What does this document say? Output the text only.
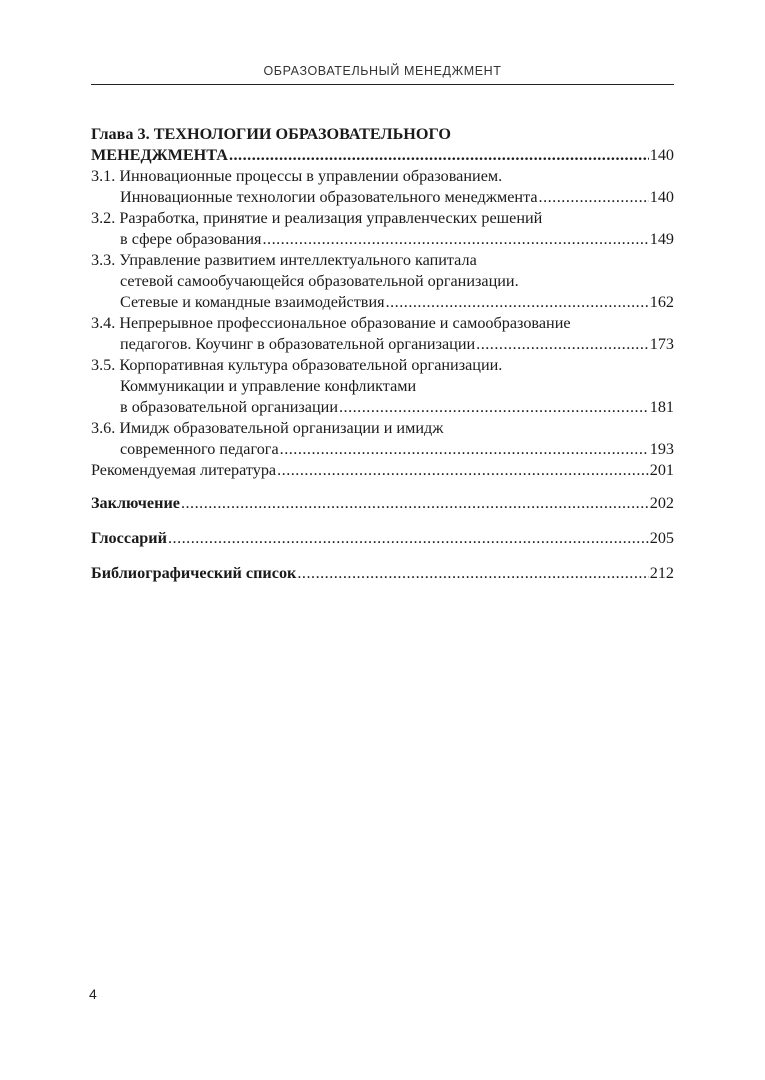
ОБРАЗОВАТЕЛЬНЫЙ МЕНЕДЖМЕНТ
Глава 3. ТЕХНОЛОГИИ ОБРАЗОВАТЕЛЬНОГО
МЕНЕДЖМЕНТА .....	140
3.1. Инновационные процессы в управлении образованием.
Инновационные технологии образовательного менеджмента .....	140
3.2. Разработка, принятие и реализация управленческих решений
в сфере образования .....	149
3.3. Управление развитием интеллектуального капитала
сетевой самообучающейся образовательной организации.
Сетевые и командные взаимодействия .....	162
3.4. Непрерывное профессиональное образование и самообразование
педагогов. Коучинг в образовательной организации .....	173
3.5. Корпоративная культура образовательной организации.
Коммуникации и управление конфликтами
в образовательной организации .....	181
3.6. Имидж образовательной организации и имидж
современного педагога .....	193
Рекомендуемая литература .....	201
Заключение .....	202
Глоссарий .....	205
Библиографический список .....	212
4
